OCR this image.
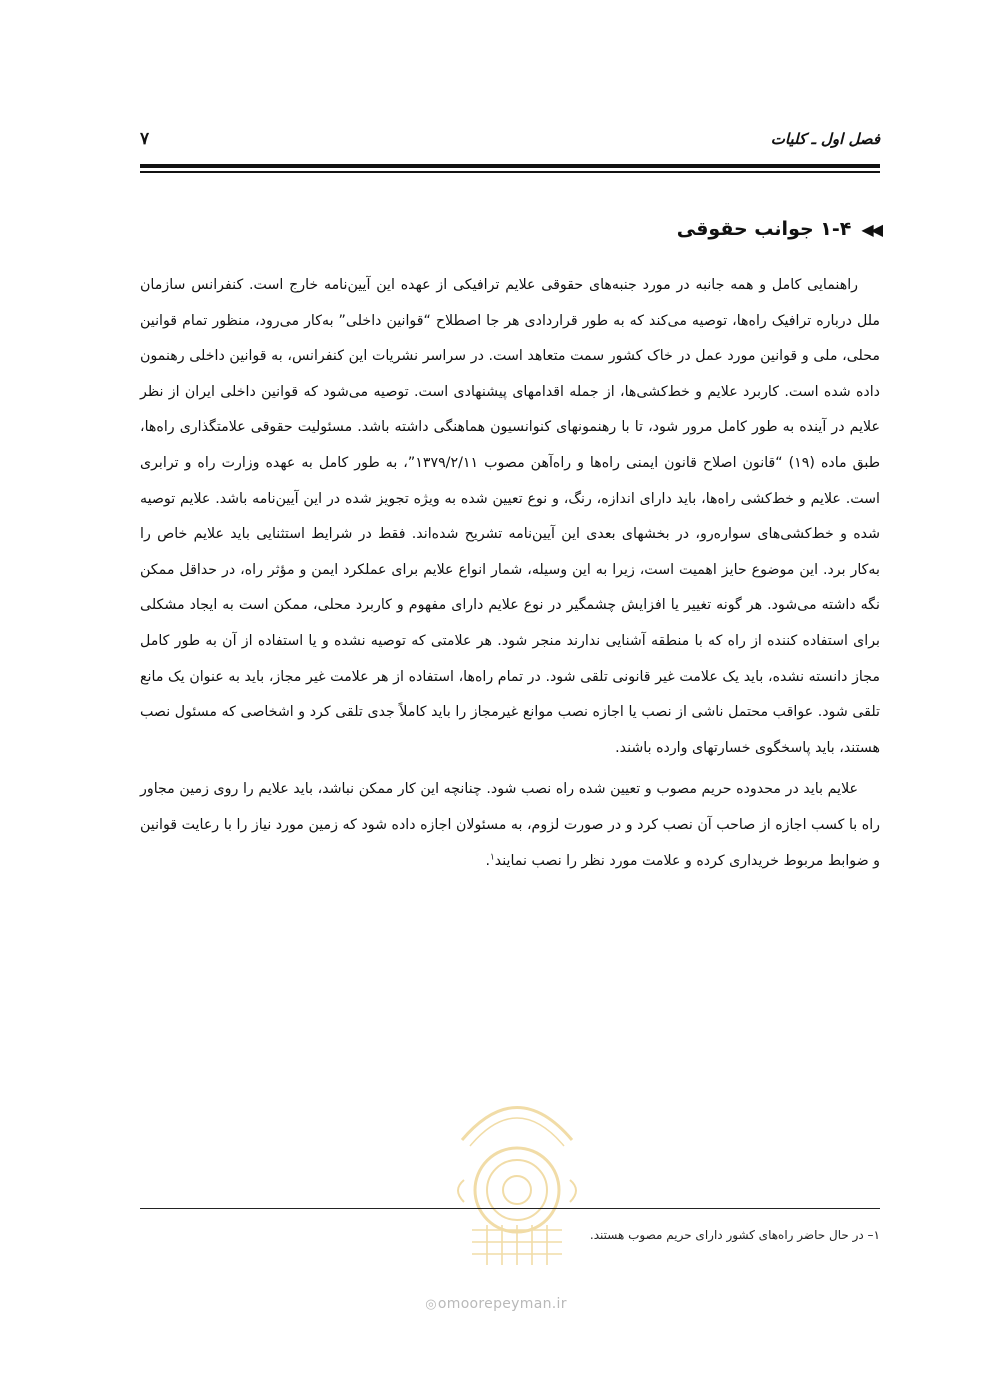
فصل اول ـ کلیات
۷
◀◀
۱-۴ جوانب حقوقی

راهنمایی کامل و همه جانبه در مورد جنبه‌های حقوقی علایم ترافیکی از عهده این آیین‌نامه خارج است. کنفرانس سازمان ملل درباره ترافیک راه‌ها، توصیه می‌کند که به طور قراردادی هر جا اصطلاح “قوانین داخلی” به‌کار می‌رود، منظور تمام قوانین محلی، ملی و قوانین مورد عمل در خاک کشور سمت متعاهد است. در سراسر نشریات این کنفرانس، به قوانین داخلی رهنمون داده شده است. کاربرد علایم و خط‌کشی‌ها، از جمله اقدامهای پیشنهادی است. توصیه می‌شود که قوانین داخلی ایران از نظر علایم در آینده به طور کامل مرور شود، تا با رهنمونهای کنوانسیون هماهنگی داشته باشد. مسئولیت حقوقی علامتگذاری راه‌ها، طبق ماده (۱۹) “قانون اصلاح قانون ایمنی راه‌ها و راه‌آهن مصوب ۱۳۷۹/۲/۱۱”، به طور کامل به عهده وزارت راه و ترابری است. علایم و خط‌کشی راه‌ها، باید دارای اندازه، رنگ، و نوع تعیین شده به ویژه تجویز شده در این آیین‌نامه باشد. علایم توصیه شده و خط‌کشی‌های سواره‌رو، در بخشهای بعدی این آیین‌نامه تشریح شده‌اند. فقط در شرایط استثنایی باید علایم خاص را به‌کار برد. این موضوع حایز اهمیت است، زیرا به این وسیله، شمار انواع علایم برای عملکرد ایمن و مؤثر راه، در حداقل ممکن نگه داشته می‌شود. هر گونه تغییر یا افزایش چشمگیر در نوع علایم دارای مفهوم و کاربرد محلی، ممکن است به ایجاد مشکلی برای استفاده کننده از راه که با منطقه آشنایی ندارند منجر شود. هر علامتی که توصیه نشده و یا استفاده از آن به طور کامل مجاز دانسته نشده، باید یک علامت غیر قانونی تلقی شود. در تمام راه‌ها، استفاده از هر علامت غیر مجاز، باید به عنوان یک مانع تلقی شود. عواقب محتمل ناشی از نصب یا اجازه نصب موانع غیرمجاز را باید کاملاً جدی تلقی کرد و اشخاصی که مسئول نصب هستند، باید پاسخگوی خسارتهای وارده باشند.

علایم باید در محدوده حریم مصوب و تعیین شده راه نصب شود. چنانچه این کار ممکن نباشد، باید علایم را روی زمین مجاور راه با کسب اجازه از صاحب آن نصب کرد و در صورت لزوم، به مسئولان اجازه داده شود که زمین مورد نیاز را با رعایت قوانین و ضوابط مربوط خریداری کرده و علامت مورد نظر را نصب نمایند$^۱$.

۱– در حال حاضر راه‌های کشور دارای حریم مصوب هستند.
◎omoorepeyman.ir
